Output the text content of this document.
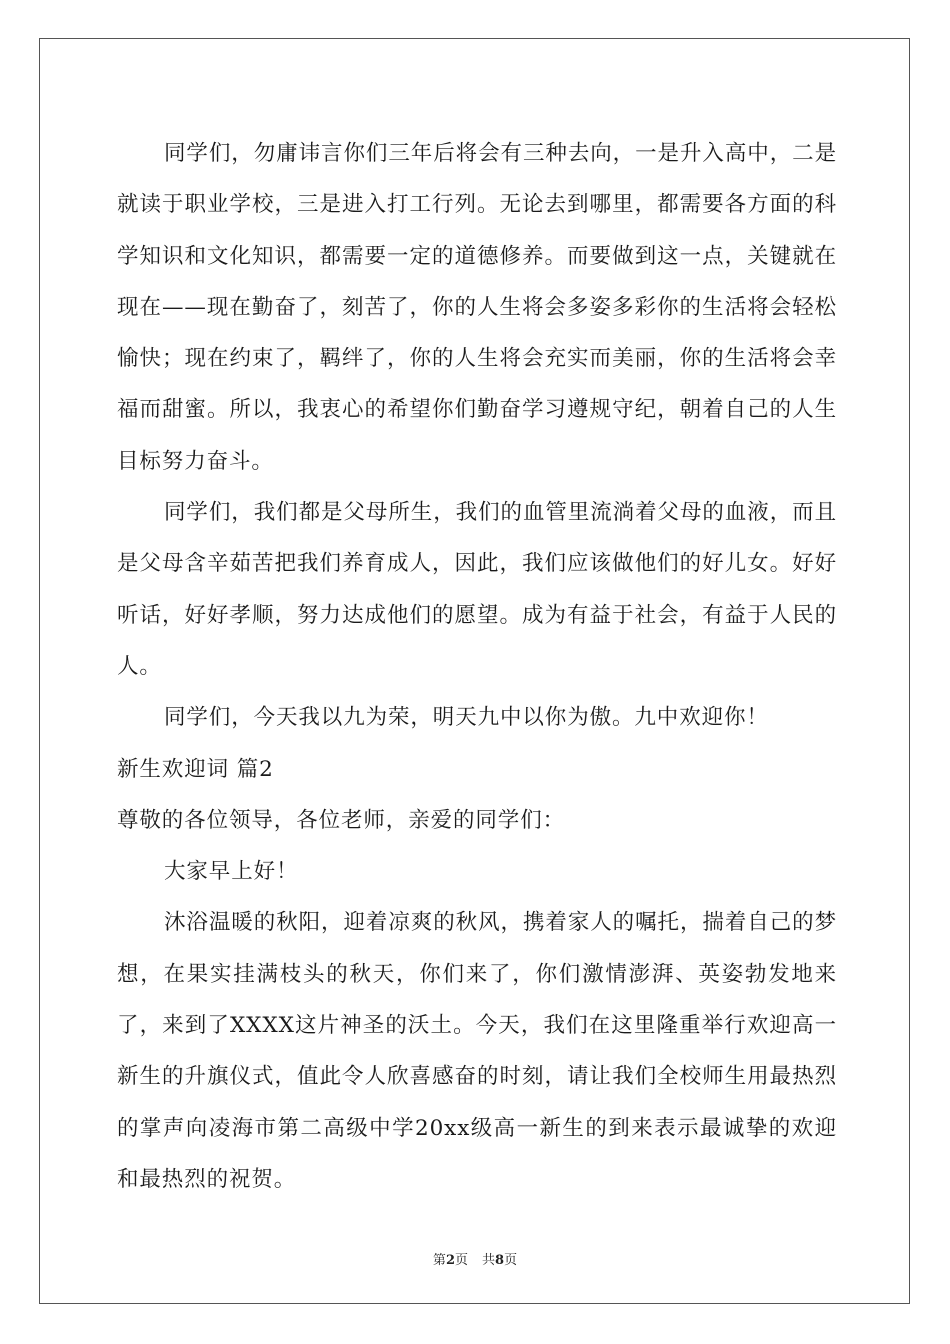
同学们，勿庸讳言你们三年后将会有三种去向，一是升入高中，二是就读于职业学校，三是进入打工行列。无论去到哪里，都需要各方面的科学知识和文化知识，都需要一定的道德修养。而要做到这一点，关键就在现在——现在勤奋了，刻苦了，你的人生将会多姿多彩你的生活将会轻松愉快；现在约束了，羁绊了，你的人生将会充实而美丽，你的生活将会幸福而甜蜜。所以，我衷心的希望你们勤奋学习遵规守纪，朝着自己的人生目标努力奋斗。

同学们，我们都是父母所生，我们的血管里流淌着父母的血液，而且是父母含辛茹苦把我们养育成人，因此，我们应该做他们的好儿女。好好听话，好好孝顺，努力达成他们的愿望。成为有益于社会，有益于人民的人。

同学们，今天我以九为荣，明天九中以你为傲。九中欢迎你！

新生欢迎词 篇2

尊敬的各位领导，各位老师，亲爱的同学们：

大家早上好！

沐浴温暖的秋阳，迎着凉爽的秋风，携着家人的嘱托，揣着自己的梦想，在果实挂满枝头的秋天，你们来了，你们激情澎湃、英姿勃发地来了，来到了XXXX这片神圣的沃土。今天，我们在这里隆重举行欢迎高一新生的升旗仪式，值此令人欣喜感奋的时刻，请让我们全校师生用最热烈的掌声向凌海市第二高级中学20xx级高一新生的到来表示最诚挚的欢迎和最热烈的祝贺。

第2页 共8页
